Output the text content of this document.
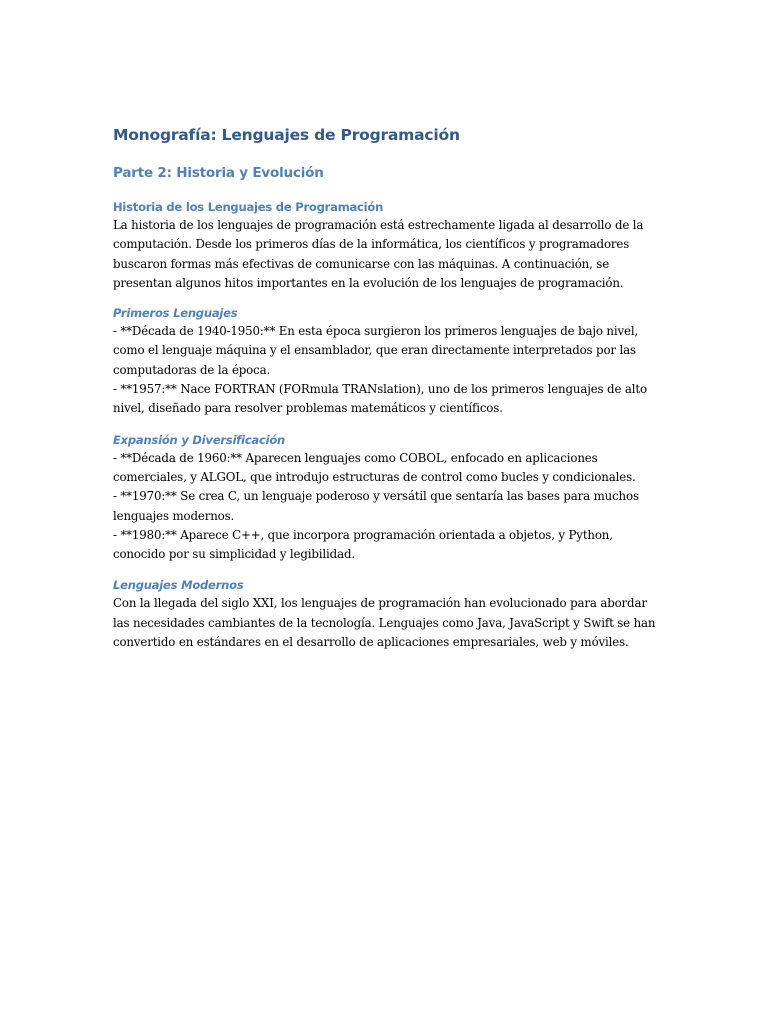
Monografía: Lenguajes de Programación
Parte 2: Historia y Evolución
Historia de los Lenguajes de Programación

La historia de los lenguajes de programación está estrechamente ligada al desarrollo de la
computación. Desde los primeros días de la informática, los científicos y programadores
buscaron formas más efectivas de comunicarse con las máquinas. A continuación, se
presentan algunos hitos importantes en la evolución de los lenguajes de programación.

Primeros Lenguajes

- **Década de 1940-1950:** En esta época surgieron los primeros lenguajes de bajo nivel,
como el lenguaje máquina y el ensamblador, que eran directamente interpretados por las
computadoras de la época.
- **1957:** Nace FORTRAN (FORmula TRANslation), uno de los primeros lenguajes de alto
nivel, diseñado para resolver problemas matemáticos y científicos.

Expansión y Diversificación

- **Década de 1960:** Aparecen lenguajes como COBOL, enfocado en aplicaciones
comerciales, y ALGOL, que introdujo estructuras de control como bucles y condicionales.
- **1970:** Se crea C, un lenguaje poderoso y versátil que sentaría las bases para muchos
lenguajes modernos.
- **1980:** Aparece C++, que incorpora programación orientada a objetos, y Python,
conocido por su simplicidad y legibilidad.

Lenguajes Modernos

Con la llegada del siglo XXI, los lenguajes de programación han evolucionado para abordar
las necesidades cambiantes de la tecnología. Lenguajes como Java, JavaScript y Swift se han
convertido en estándares en el desarrollo de aplicaciones empresariales, web y móviles.
